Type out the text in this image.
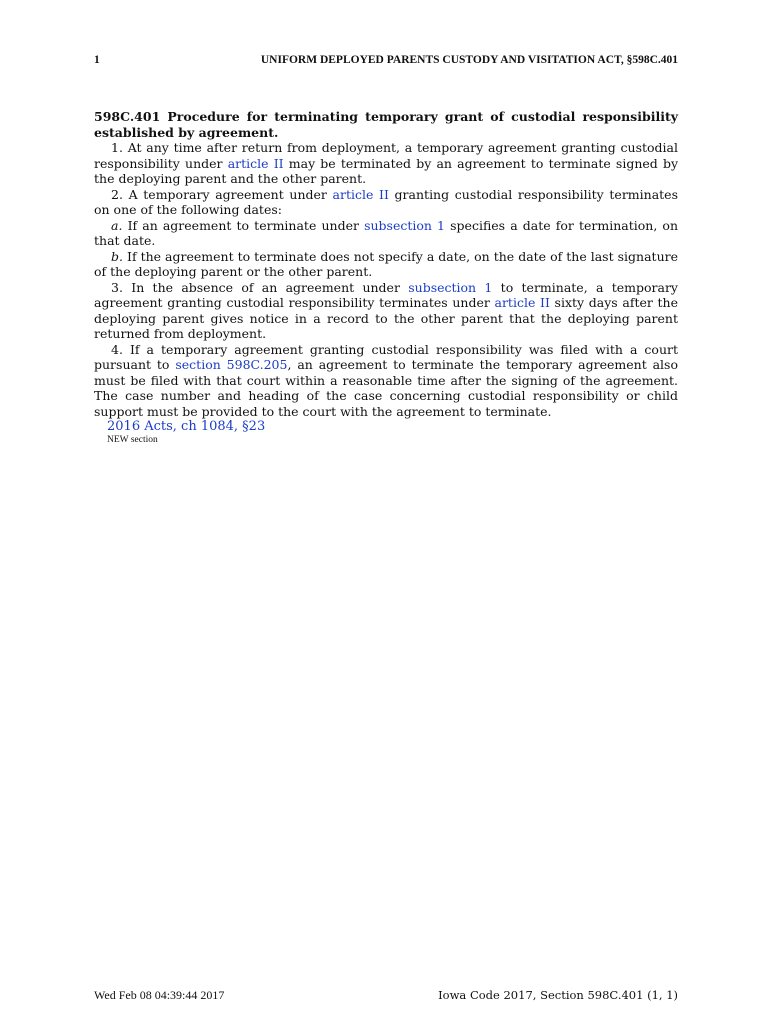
1	UNIFORM DEPLOYED PARENTS CUSTODY AND VISITATION ACT, §598C.401

598C.401 Procedure for terminating temporary grant of custodial responsibility established by agreement.

1. At any time after return from deployment, a temporary agreement granting custodial responsibility under article II may be terminated by an agreement to terminate signed by the deploying parent and the other parent.

2. A temporary agreement under article II granting custodial responsibility terminates on one of the following dates:

a. If an agreement to terminate under subsection 1 specifies a date for termination, on that date.

b. If the agreement to terminate does not specify a date, on the date of the last signature of the deploying parent or the other parent.

3. In the absence of an agreement under subsection 1 to terminate, a temporary agreement granting custodial responsibility terminates under article II sixty days after the deploying parent gives notice in a record to the other parent that the deploying parent returned from deployment.

4. If a temporary agreement granting custodial responsibility was filed with a court pursuant to section 598C.205, an agreement to terminate the temporary agreement also must be filed with that court within a reasonable time after the signing of the agreement. The case number and heading of the case concerning custodial responsibility or child support must be provided to the court with the agreement to terminate.

2016 Acts, ch 1084, §23

NEW section

Wed Feb 08 04:39:44 2017	Iowa Code 2017, Section 598C.401 (1, 1)
